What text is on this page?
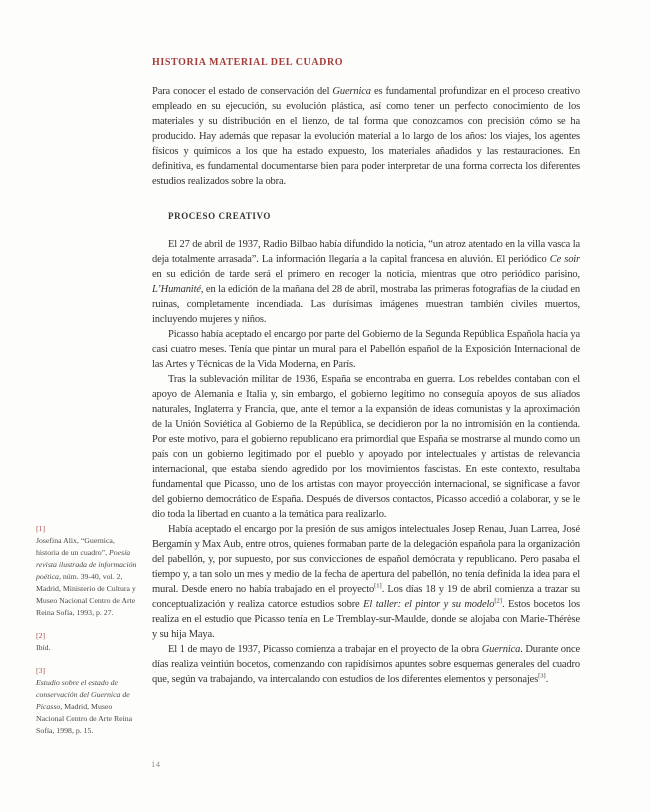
HISTORIA MATERIAL DEL CUADRO

Para conocer el estado de conservación del Guernica es fundamental profundizar en el proceso creativo empleado en su ejecución, su evolución plástica, así como tener un perfecto conocimiento de los materiales y su distribución en el lienzo, de tal forma que conozcamos con precisión cómo se ha producido. Hay además que repasar la evolución material a lo largo de los años: los viajes, los agentes físicos y químicos a los que ha estado expuesto, los materiales añadidos y las restauraciones. En definitiva, es fundamental documentarse bien para poder interpretar de una forma correcta los diferentes estudios realizados sobre la obra.

PROCESO CREATIVO

El 27 de abril de 1937, Radio Bilbao había difundido la noticia, “un atroz atentado en la villa vasca la deja totalmente arrasada”. La información llegaría a la capital francesa en aluvión. El periódico Ce soir en su edición de tarde será el primero en recoger la noticia, mientras que otro periódico parisino, L’Humanité, en la edición de la mañana del 28 de abril, mostraba las primeras fotografías de la ciudad en ruinas, completamente incendiada. Las durísimas imágenes muestran también civiles muertos, incluyendo mujeres y niños.

Picasso había aceptado el encargo por parte del Gobierno de la Segunda República Española hacía ya casi cuatro meses. Tenía que pintar un mural para el Pabellón español de la Exposición Internacional de las Artes y Técnicas de la Vida Moderna, en París.

Tras la sublevación militar de 1936, España se encontraba en guerra. Los rebeldes contaban con el apoyo de Alemania e Italia y, sin embargo, el gobierno legítimo no conseguía apoyos de sus aliados naturales, Inglaterra y Francia, que, ante el temor a la expansión de ideas comunistas y la aproximación de la Unión Soviética al Gobierno de la República, se decidieron por la no intromisión en la contienda. Por este motivo, para el gobierno republicano era primordial que España se mostrarse al mundo como un país con un gobierno legitimado por el pueblo y apoyado por intelectuales y artistas de relevancia internacional, que estaba siendo agredido por los movimientos fascistas. En este contexto, resultaba fundamental que Picasso, uno de los artistas con mayor proyección internacional, se significase a favor del gobierno democrático de España. Después de diversos contactos, Picasso accedió a colaborar, y se le dio toda la libertad en cuanto a la temática para realizarlo.

Había aceptado el encargo por la presión de sus amigos intelectuales Josep Renau, Juan Larrea, José Bergamín y Max Aub, entre otros, quienes formaban parte de la delegación española para la organización del pabellón, y, por supuesto, por sus convicciones de español demócrata y republicano. Pero pasaba el tiempo y, a tan solo un mes y medio de la fecha de apertura del pabellón, no tenía definida la idea para el mural. Desde enero no había trabajado en el proyecto[1]. Los días 18 y 19 de abril comienza a trazar su conceptualización y realiza catorce estudios sobre El taller: el pintor y su modelo[2]. Estos bocetos los realiza en el estudio que Picasso tenía en Le Tremblay-sur-Maulde, donde se alojaba con Marie-Thérèse y su hija Maya.

El 1 de mayo de 1937, Picasso comienza a trabajar en el proyecto de la obra Guernica. Durante once días realiza veintiún bocetos, comenzando con rapidísimos apuntes sobre esquemas generales del cuadro que, según va trabajando, va intercalando con estudios de los diferentes elementos y personajes[3].

[1]
Josefina Alix, “Guernica, historia de un cuadro”, Poesía revista ilustrada de información poética, núm. 39-40, vol. 2, Madrid, Ministerio de Cultura y Museo Nacional Centro de Arte Reina Sofía, 1993, p. 27.
[2]
Ibíd.
[3]
Estudio sobre el estado de conservación del Guernica de Picasso, Madrid, Museo Nacional Centro de Arte Reina Sofía, 1998, p. 15.
14
